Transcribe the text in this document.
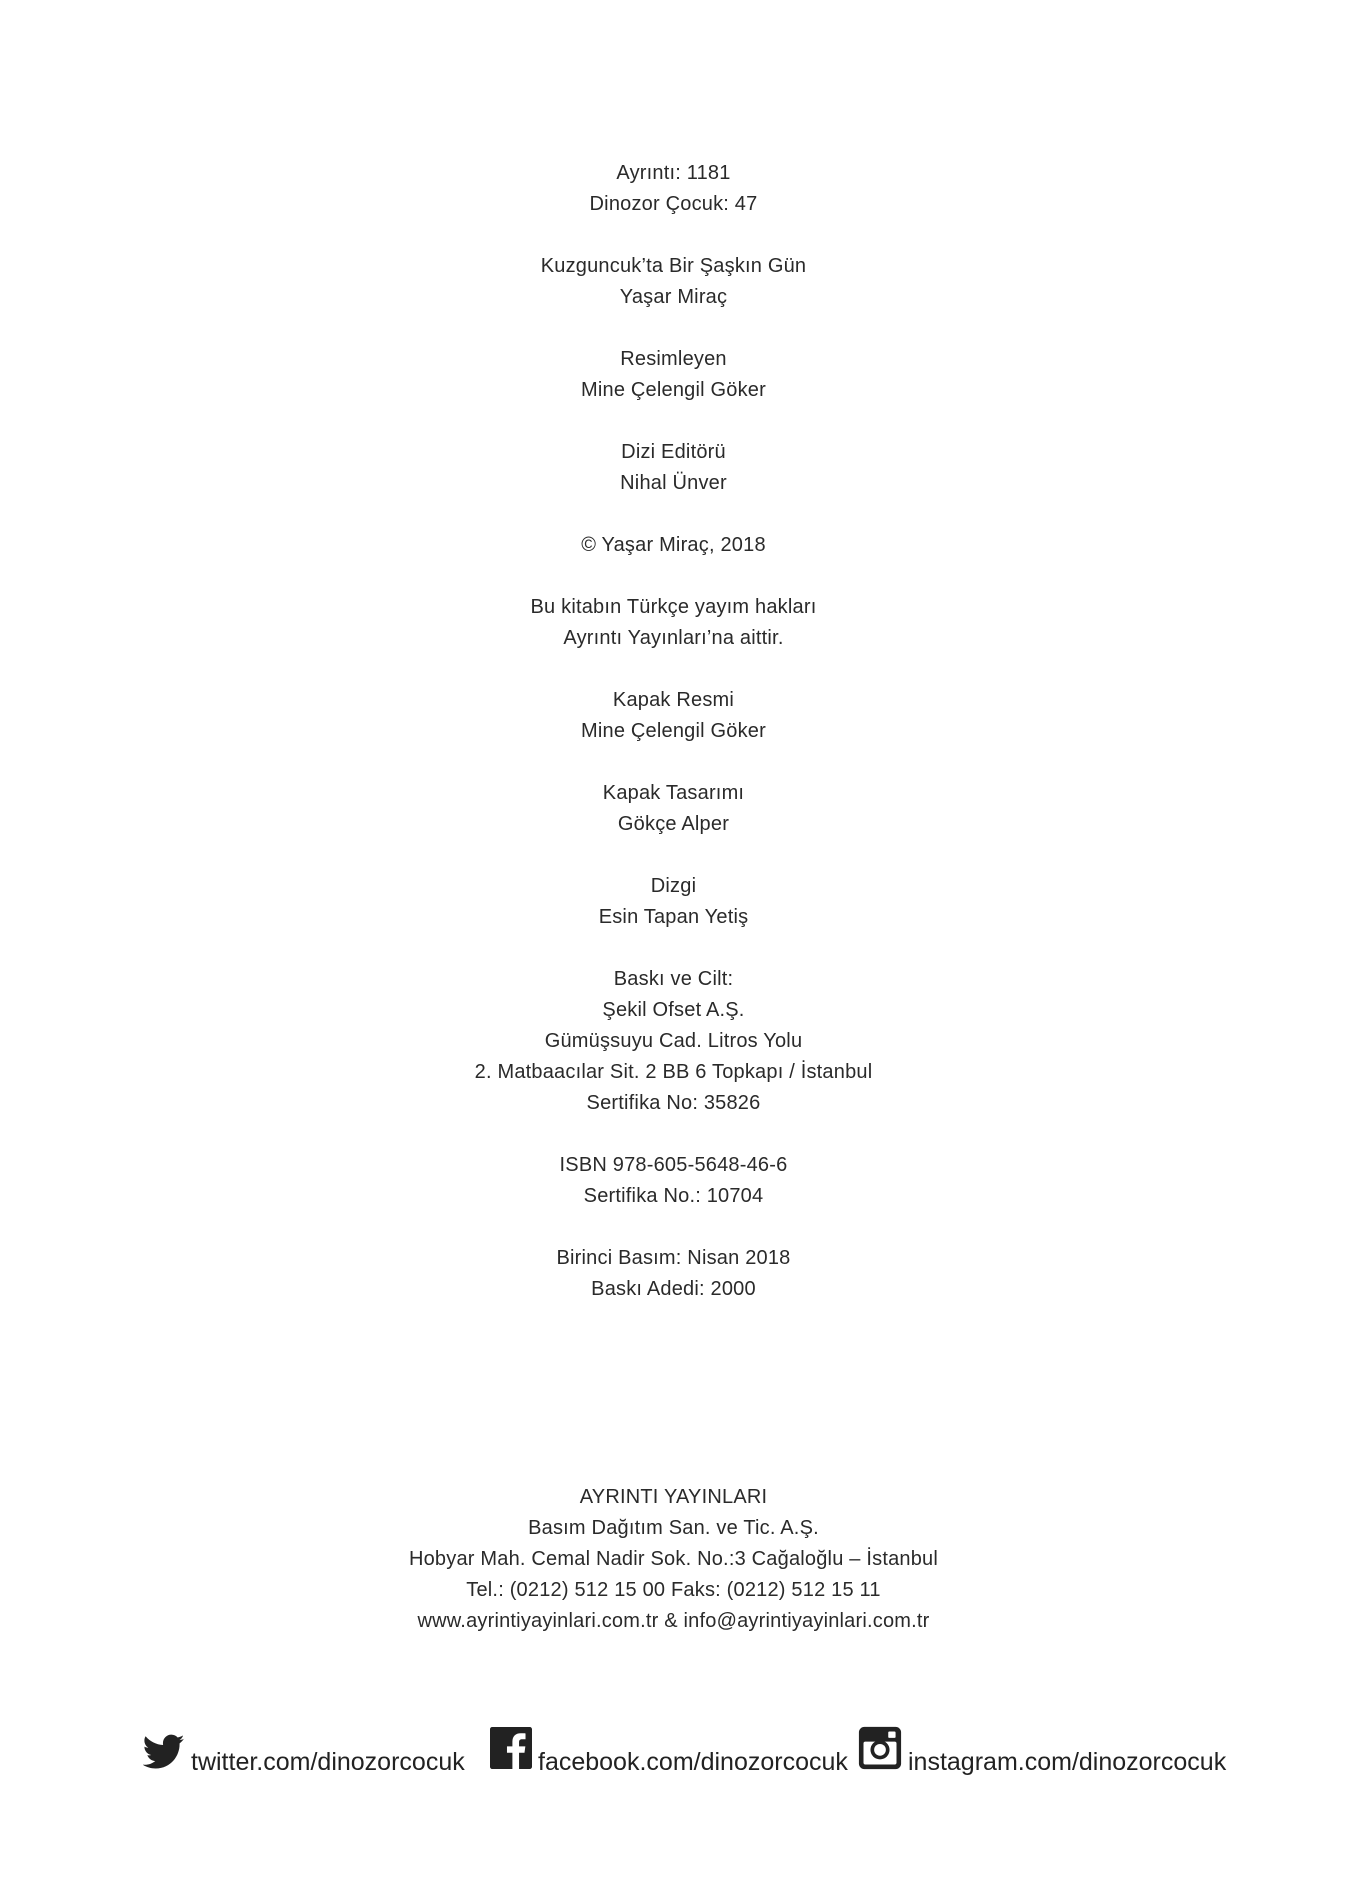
Ayrıntı: 1181
Dinozor Çocuk: 47
Kuzguncuk’ta Bir Şaşkın Gün
Yaşar Miraç
Resimleyen
Mine Çelengil Göker
Dizi Editörü
Nihal Ünver
© Yaşar Miraç, 2018
Bu kitabın Türkçe yayım hakları
Ayrıntı Yayınları’na aittir.
Kapak Resmi
Mine Çelengil Göker
Kapak Tasarımı
Gökçe Alper
Dizgi
Esin Tapan Yetiş
Baskı ve Cilt:
Şekil Ofset A.Ş.
Gümüşsuyu Cad. Litros Yolu
2. Matbaacılar Sit. 2 BB 6 Topkapı / İstanbul
Sertifika No: 35826
ISBN 978-605-5648-46-6
Sertifika No.: 10704
Birinci Basım: Nisan 2018
Baskı Adedi: 2000
AYRINTI YAYINLARI
Basım Dağıtım San. ve Tic. A.Ş.
Hobyar Mah. Cemal Nadir Sok. No.:3 Cağaloğlu – İstanbul
Tel.: (0212) 512 15 00 Faks: (0212) 512 15 11
www.ayrintiyayinlari.com.tr & info@ayrintiyayinlari.com.tr
twitter.com/dinozorcocuk	facebook.com/dinozorcocuk instagram.com/dinozorcocuk
